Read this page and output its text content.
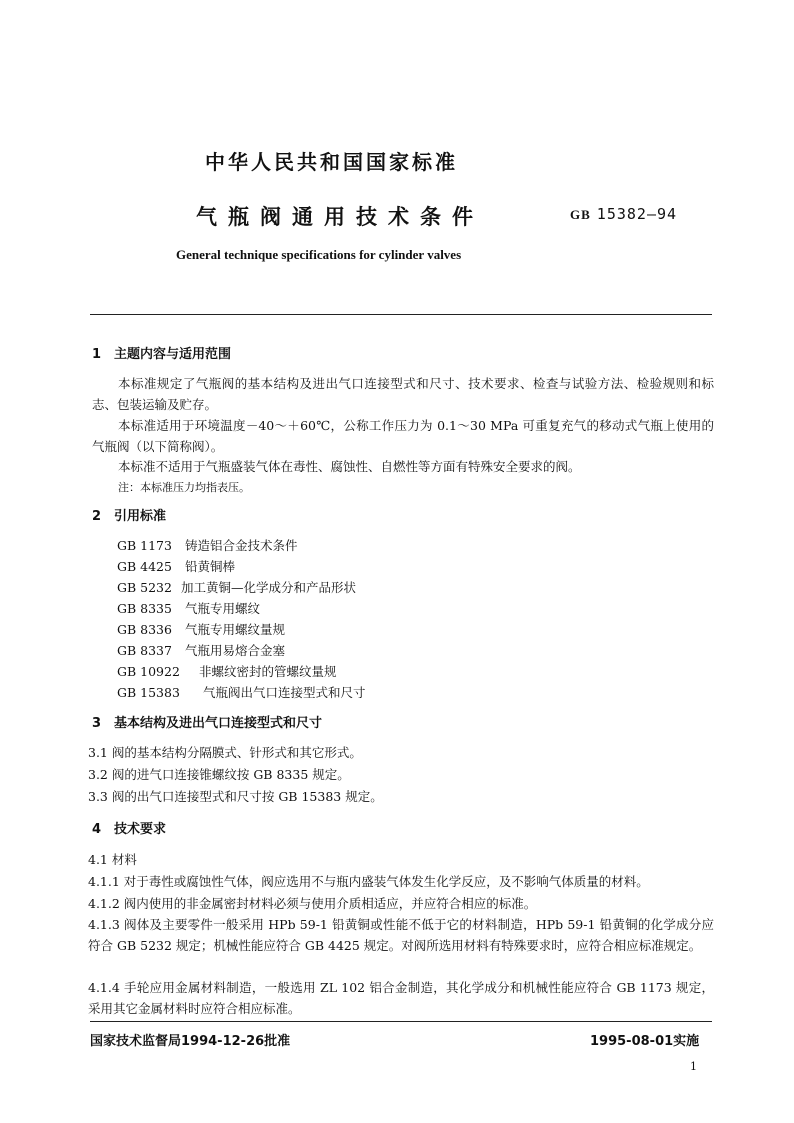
中华人民共和国国家标准
气瓶阀通用技术条件	GB 15382—94
General technique specifications for cylinder valves
1 主题内容与适用范围
本标准规定了气瓶阀的基本结构及进出气口连接型式和尺寸、技术要求、检查与试验方法、检验规则和标志、包装运输及贮存。
本标准适用于环境温度－40～＋60℃，公称工作压力为 0.1～30 MPa 可重复充气的移动式气瓶上使用的气瓶阀（以下简称阀）。
本标准不适用于气瓶盛装气体在毒性、腐蚀性、自燃性等方面有特殊安全要求的阀。
注：本标准压力均指表压。
2 引用标准
GB 1173 铸造铝合金技术条件
GB 4425 铅黄铜棒
GB 5232 加工黄铜—化学成分和产品形状
GB 8335 气瓶专用螺纹
GB 8336 气瓶专用螺纹量规
GB 8337 气瓶用易熔合金塞
GB 10922 非螺纹密封的管螺纹量规
GB 15383 气瓶阀出气口连接型式和尺寸
3 基本结构及进出气口连接型式和尺寸
3.1 阀的基本结构分隔膜式、针形式和其它形式。
3.2 阀的进气口连接锥螺纹按 GB 8335 规定。
3.3 阀的出气口连接型式和尺寸按 GB 15383 规定。
4 技术要求
4.1 材料
4.1.1 对于毒性或腐蚀性气体，阀应选用不与瓶内盛装气体发生化学反应，及不影响气体质量的材料。
4.1.2 阀内使用的非金属密封材料必须与使用介质相适应，并应符合相应的标准。
4.1.3 阀体及主要零件一般采用 HPb 59-1 铅黄铜或性能不低于它的材料制造，HPb 59-1 铅黄铜的化学成分应符合 GB 5232 规定；机械性能应符合 GB 4425 规定。对阀所选用材料有特殊要求时，应符合相应标准规定。
4.1.4 手轮应用金属材料制造，一般选用 ZL 102 铝合金制造，其化学成分和机械性能应符合 GB 1173 规定，采用其它金属材料时应符合相应标准。
国家技术监督局1994-12-26批准	1995-08-01实施
1
